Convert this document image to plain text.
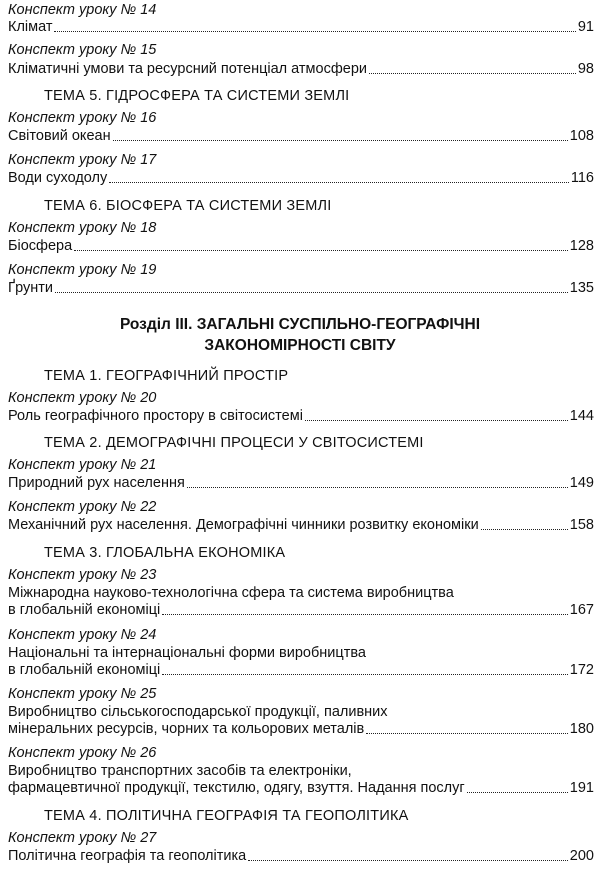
Конспект уроку № 14
Клімат	91
Конспект уроку № 15
Кліматичні умови та ресурсний потенціал атмосфери	98
ТЕМА 5. ГІДРОСФЕРА ТА СИСТЕМИ ЗЕМЛІ
Конспект уроку № 16
Світовий океан	108
Конспект уроку № 17
Води суходолу	116
ТЕМА 6. БІОСФЕРА ТА СИСТЕМИ ЗЕМЛІ
Конспект уроку № 18
Біосфера	128
Конспект уроку № 19
Ґрунти	135
Розділ ІІІ. ЗАГАЛЬНІ СУСПІЛЬНО-ГЕОГРАФІЧНІ
ЗАКОНОМІРНОСТІ СВІТУ
ТЕМА 1. ГЕОГРАФІЧНИЙ ПРОСТІР
Конспект уроку № 20
Роль географічного простору в світосистемі	144
ТЕМА 2. ДЕМОГРАФІЧНІ ПРОЦЕСИ У СВІТОСИСТЕМІ
Конспект уроку № 21
Природний рух населення	149
Конспект уроку № 22
Механічний рух населення. Демографічні чинники розвитку економіки	158
ТЕМА 3. ГЛОБАЛЬНА ЕКОНОМІКА
Конспект уроку № 23
Міжнародна науково-технологічна сфера та система виробництва
в глобальній економіці	167
Конспект уроку № 24
Національні та інтернаціональні форми виробництва
в глобальній економіці	172
Конспект уроку № 25
Виробництво сільськогосподарської продукції, паливних
мінеральних ресурсів, чорних та кольорових металів	180
Конспект уроку № 26
Виробництво транспортних засобів та електроніки,
фармацевтичної продукції, текстилю, одягу, взуття. Надання послуг	191
ТЕМА 4. ПОЛІТИЧНА ГЕОГРАФІЯ ТА ГЕОПОЛІТИКА
Конспект уроку № 27
Політична географія та геополітика	200
